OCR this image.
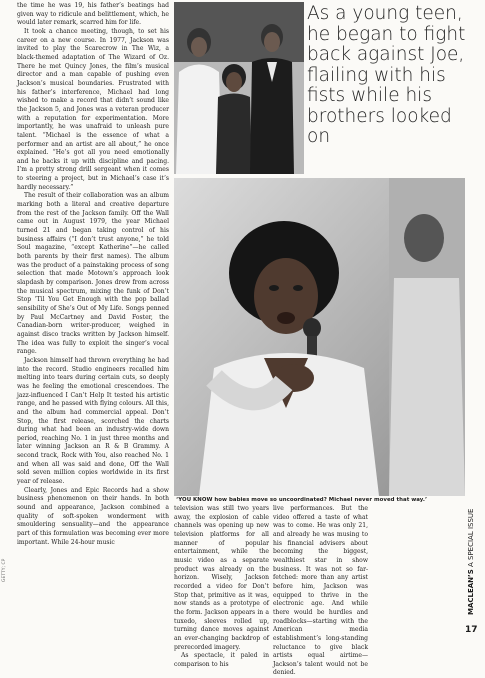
the time he was 19, his father’s beatings had given way to ridicule and belittlement, which, he would later remark, scarred him for life.

It took a chance meeting, though, to set his career on a new course. In 1977, Jackson was invited to play the Scarecrow in The Wiz, a black-themed adaptation of The Wizard of Oz. There he met Quincy Jones, the film’s musical director and a man capable of pushing even Jackson’s musical boundaries. Frustrated with his father’s interference, Michael had long wished to make a record that didn’t sound like the Jackson 5, and Jones was a veteran producer with a reputation for experimentation. More importantly, he was unafraid to unleash pure talent. “Michael is the essence of what a performer and an artist are all about,” he once explained. “He’s got all you need emotionally and he backs it up with discipline and pacing. I’m a pretty strong drill sergeant when it comes to steering a project, but in Michael’s case it’s hardly necessary.”

The result of their collaboration was an album marking both a literal and creative departure from the rest of the Jackson family. Off the Wall came out in August 1979, the year Michael turned 21 and began taking control of his business affairs (“I don’t trust anyone,” he told Soul magazine, “except Katherine”—he called both parents by their first names). The album was the product of a painstaking process of song selection that made Motown’s approach look slapdash by comparison. Jones drew from across the musical spectrum, mixing the funk of Don’t Stop ’Til You Get Enough with the pop ballad sensibility of She’s Out of My Life. Songs penned by Paul McCartney and David Foster, the Canadian-born writer-producer, weighed in against disco tracks written by Jackson himself. The idea was fully to exploit the singer’s vocal range.

Jackson himself had thrown everything he had into the record. Studio engineers recalled him melting into tears during certain cuts, so deeply was he feeling the emotional crescendoes. The jazz-influenced I Can’t Help It tested his artistic range, and he passed with flying colours. All this, and the album had commercial appeal. Don’t Stop, the first release, scorched the charts during what had been an industry-wide down period, reaching No. 1 in just three months and later winning Jackson an R & B Grammy. A second track, Rock with You, also reached No. 1 and when all was said and done, Off the Wall sold seven million copies worldwide in its first year of release.

Clearly, Jones and Epic Records had a show business phenomenon on their hands. In both sound and appearance, Jackson combined a quality of soft-spoken wonderment with smouldering sensuality—and the appearance part of this formulation was becoming ever more important. While 24-hour music

As a young teen, he began to fight back against Joe, flailing with his fists while his brothers looked on
‘YOU KNOW how babies move so uncoordinated? Michael never moved that way.’

television was still two years away, the explosion of cable channels was opening up new television platforms for all manner of popular entertainment, while the music video as a separate product was already on the horizon. Wisely, Jackson recorded a video for Don’t Stop that, primitive as it was, now stands as a prototype of the form. Jackson appears in a tuxedo, sleeves rolled up, turning dance moves against an ever-changing backdrop of prerecorded imagery.

As spectacle, it paled in comparison to his

live performances. But the video offered a taste of what was to come. He was only 21, and already he was musing to his financial advisers about becoming the biggest, wealthiest star in show business. It was not so far-fetched: more than any artist before him, Jackson was equipped to thrive in the electronic age. And while there would be hurdles and roadblocks—starting with the American media establishment’s long-standing reluctance to give black artists equal airtime—Jackson’s talent would not be denied.

GETTY; CP	MACLEAN’S A SPECIAL ISSUE
17
